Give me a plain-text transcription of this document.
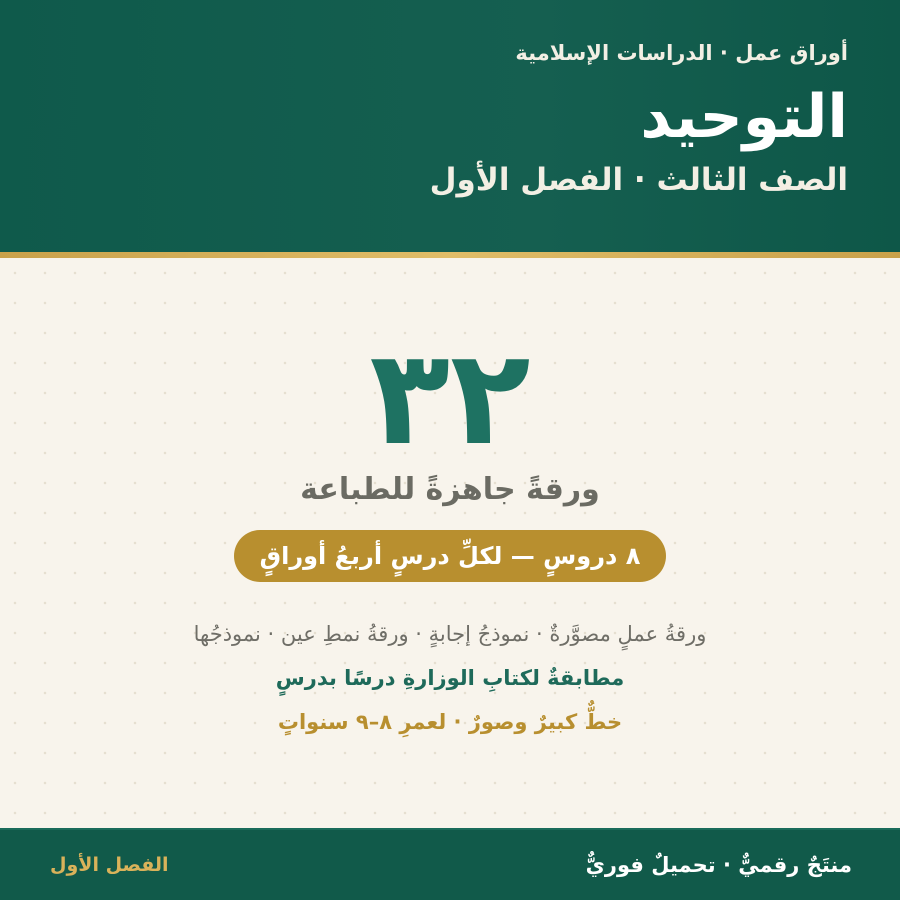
أوراق عمل · الدراسات الإسلامية
التوحيد
الصف الثالث · الفصل الأول
٣٢
ورقةً جاهزةً للطباعة
٨ دروسٍ — لكلِّ درسٍ أربعُ أوراقٍ
ورقةُ عملٍ مصوَّرةٌ · نموذجُ إجابةٍ · ورقةُ نمطِ عين · نموذجُها
مطابقةٌ لكتابِ الوزارةِ درسًا بدرسٍ
خطٌّ كبيرٌ وصورٌ · لعمرِ ٨–٩ سنواتٍ
منتَجٌ رقميٌّ · تحميلٌ فوريٌّ
الفصل الأول
